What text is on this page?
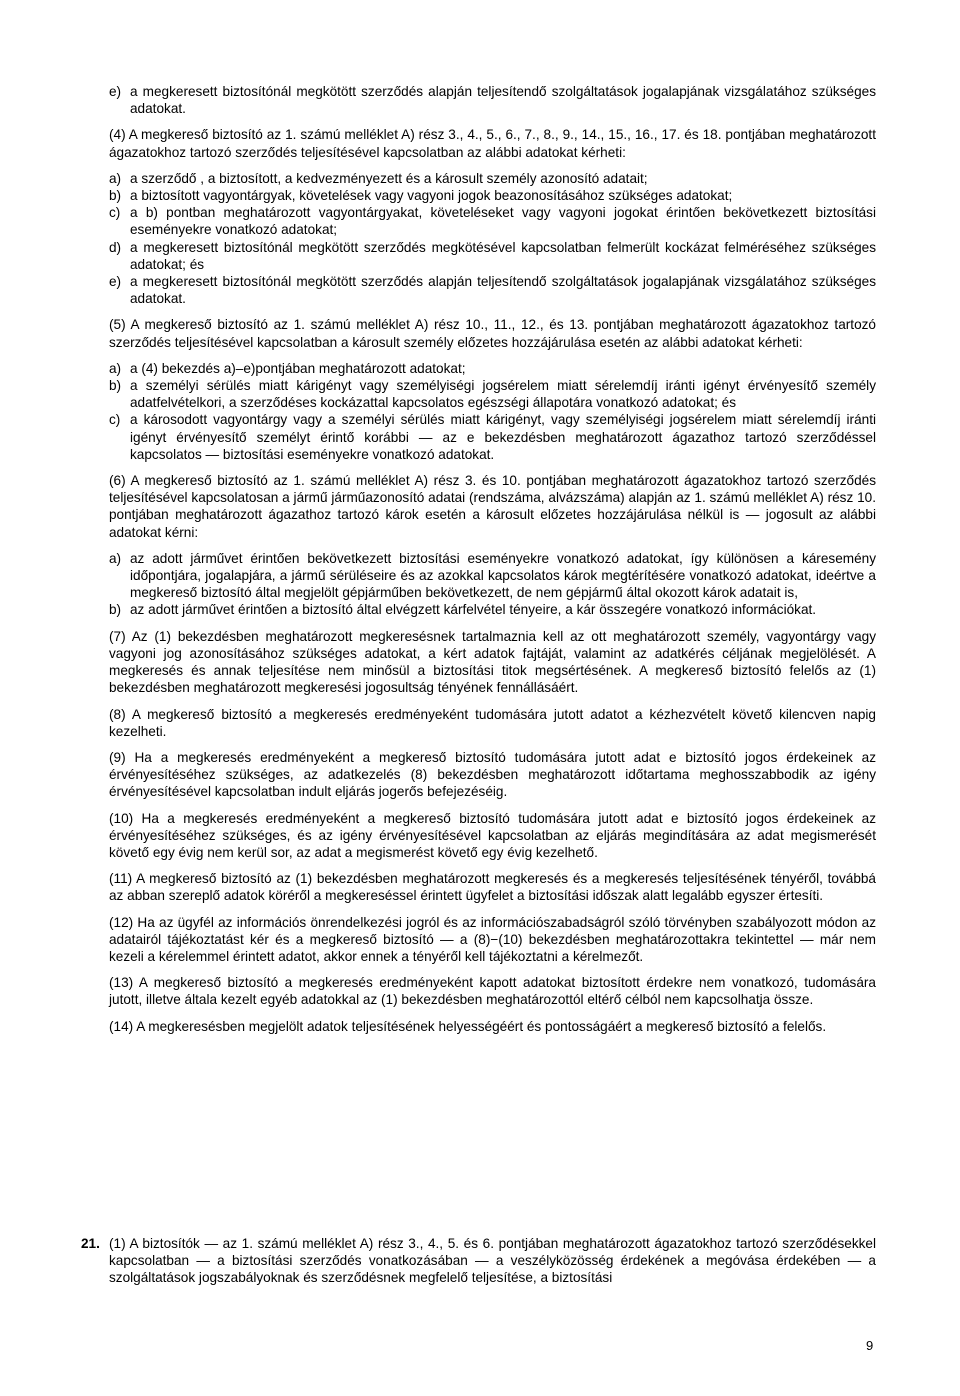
e) a megkeresett biztosítónál megkötött szerződés alapján teljesítendő szolgáltatások jogalapjának vizsgálatához szükséges adatokat.
(4) A megkereső biztosító az 1. számú melléklet A) rész 3., 4., 5., 6., 7., 8., 9., 14., 15., 16., 17. és 18. pontjában meghatározott ágazatokhoz tartozó szerződés teljesítésével kapcsolatban az alábbi adatokat kérheti:
a) a szerződő , a biztosított, a kedvezményezett és a károsult személy azonosító adatait;
b) a biztosított vagyontárgyak, követelések vagy vagyoni jogok beazonosításához szükséges adatokat;
c) a b) pontban meghatározott vagyontárgyakat, követeléseket vagy vagyoni jogokat érintően bekövetkezett biztosítási eseményekre vonatkozó adatokat;
d) a megkeresett biztosítónál megkötött szerződés megkötésével kapcsolatban felmerült kockázat felméréséhez szükséges adatokat; és
e) a megkeresett biztosítónál megkötött szerződés alapján teljesítendő szolgáltatások jogalapjának vizsgálatához szükséges adatokat.
(5) A megkereső biztosító az 1. számú melléklet A) rész 10., 11., 12., és 13. pontjában meghatározott ágazatokhoz tartozó szerződés teljesítésével kapcsolatban a károsult személy előzetes hozzájárulása esetén az alábbi adatokat kérheti:
a) a (4) bekezdés a)–e)pontjában meghatározott adatokat;
b) a személyi sérülés miatt kárigényt vagy személyiségi jogsérelem miatt sérelemdíj iránti igényt érvényesítő személy adatfelvételkori, a szerződéses kockázattal kapcsolatos egészségi állapotára vonatkozó adatokat; és
c) a károsodott vagyontárgy vagy a személyi sérülés miatt kárigényt, vagy személyiségi jogsérelem miatt sérelemdíj iránti igényt érvényesítő személyt érintő korábbi — az e bekezdésben meghatározott ágazathoz tartozó szerződéssel kapcsolatos — biztosítási eseményekre vonatkozó adatokat.
(6) A megkereső biztosító az 1. számú melléklet A) rész 3. és 10. pontjában meghatározott ágazatokhoz tartozó szerződés teljesítésével kapcsolatosan a jármű járműazonosító adatai (rendszáma, alvázszáma) alapján az 1. számú melléklet A) rész 10. pontjában meghatározott ágazathoz tartozó károk esetén a károsult előzetes hozzájárulása nélkül is — jogosult az alábbi adatokat kérni:
a) az adott járművet érintően bekövetkezett biztosítási eseményekre vonatkozó adatokat, így különösen a káresemény időpontjára, jogalapjára, a jármű sérüléseire és az azokkal kapcsolatos károk megtérítésére vonatkozó adatokat, ideértve a megkereső biztosító által megjelölt gépjárműben bekövetkezett, de nem gépjármű által okozott károk adatait is,
b) az adott járművet érintően a biztosító által elvégzett kárfelvétel tényeire, a kár összegére vonatkozó információkat.
(7) Az (1) bekezdésben meghatározott megkeresésnek tartalmaznia kell az ott meghatározott személy, vagyontárgy vagy vagyoni jog azonosításához szükséges adatokat, a kért adatok fajtáját, valamint az adatkérés céljának megjelölését. A megkeresés és annak teljesítése nem minősül a biztosítási titok megsértésének. A megkereső biztosító felelős az (1) bekezdésben meghatározott megkeresési jogosultság tényének fennállásáért.
(8) A megkereső biztosító a megkeresés eredményeként tudomására jutott adatot a kézhezvételt követő kilencven napig kezelheti.
(9) Ha a megkeresés eredményeként a megkereső biztosító tudomására jutott adat e biztosító jogos érdekeinek az érvényesítéséhez szükséges, az adatkezelés (8) bekezdésben meghatározott időtartama meghosszabbodik az igény érvényesítésével kapcsolatban indult eljárás jogerős befejezéséig.
(10) Ha a megkeresés eredményeként a megkereső biztosító tudomására jutott adat e biztosító jogos érdekeinek az érvényesítéséhez szükséges, és az igény érvényesítésével kapcsolatban az eljárás megindítására az adat megismerését követő egy évig nem kerül sor, az adat a megismerést követő egy évig kezelhető.
(11) A megkereső biztosító az (1) bekezdésben meghatározott megkeresés és a megkeresés teljesítésének tényéről, továbbá az abban szereplő adatok köréről a megkereséssel érintett ügyfelet a biztosítási időszak alatt legalább egyszer értesíti.
(12) Ha az ügyfél az információs önrendelkezési jogról és az információszabadságról szóló törvényben szabályozott módon az adatairól tájékoztatást kér és a megkereső biztosító — a (8)−(10) bekezdésben meghatározottakra tekintettel — már nem kezeli a kérelemmel érintett adatot, akkor ennek a tényéről kell tájékoztatni a kérelmezőt.
(13) A megkereső biztosító a megkeresés eredményeként kapott adatokat biztosított érdekre nem vonatkozó, tudomására jutott, illetve általa kezelt egyéb adatokkal az (1) bekezdésben meghatározottól eltérő célból nem kapcsolhatja össze.
(14) A megkeresésben megjelölt adatok teljesítésének helyességéért és pontosságáért a megkereső biztosító a felelős.
21. (1) A biztosítók — az 1. számú melléklet A) rész 3., 4., 5. és 6. pontjában meghatározott ágazatokhoz tartozó szerződésekkel kapcsolatban — a biztosítási szerződés vonatkozásában — a veszélyközösség érdekének a megóvása érdekében — a szolgáltatások jogszabályoknak és szerződésnek megfelelő teljesítése, a biztosítási
9
